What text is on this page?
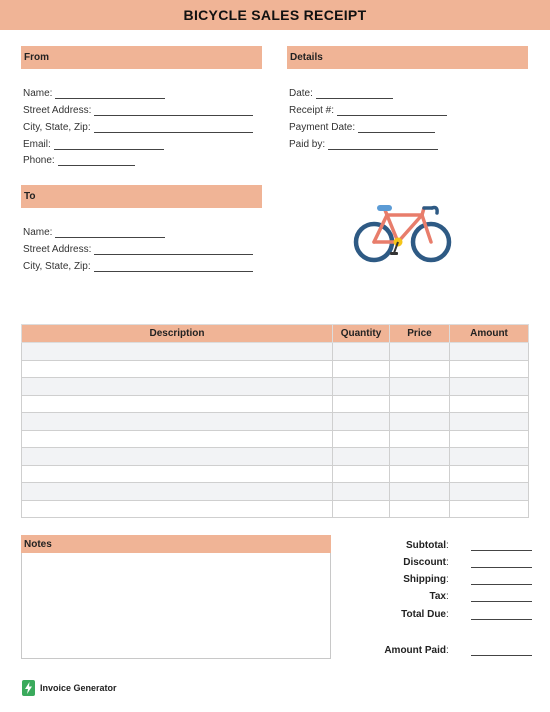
BICYCLE SALES RECEIPT
From
Name:
Street Address:
City, State, Zip:
Email:
Phone:
Details
Date:
Receipt #:
Payment Date:
Paid by:
To
Name:
Street Address:
City, State, Zip:
Description	Quantity	Price	Amount

Notes	Subtotal :
Discount :
Shipping :
Tax :
Total Due :
Amount Paid :
Invoice Generator
